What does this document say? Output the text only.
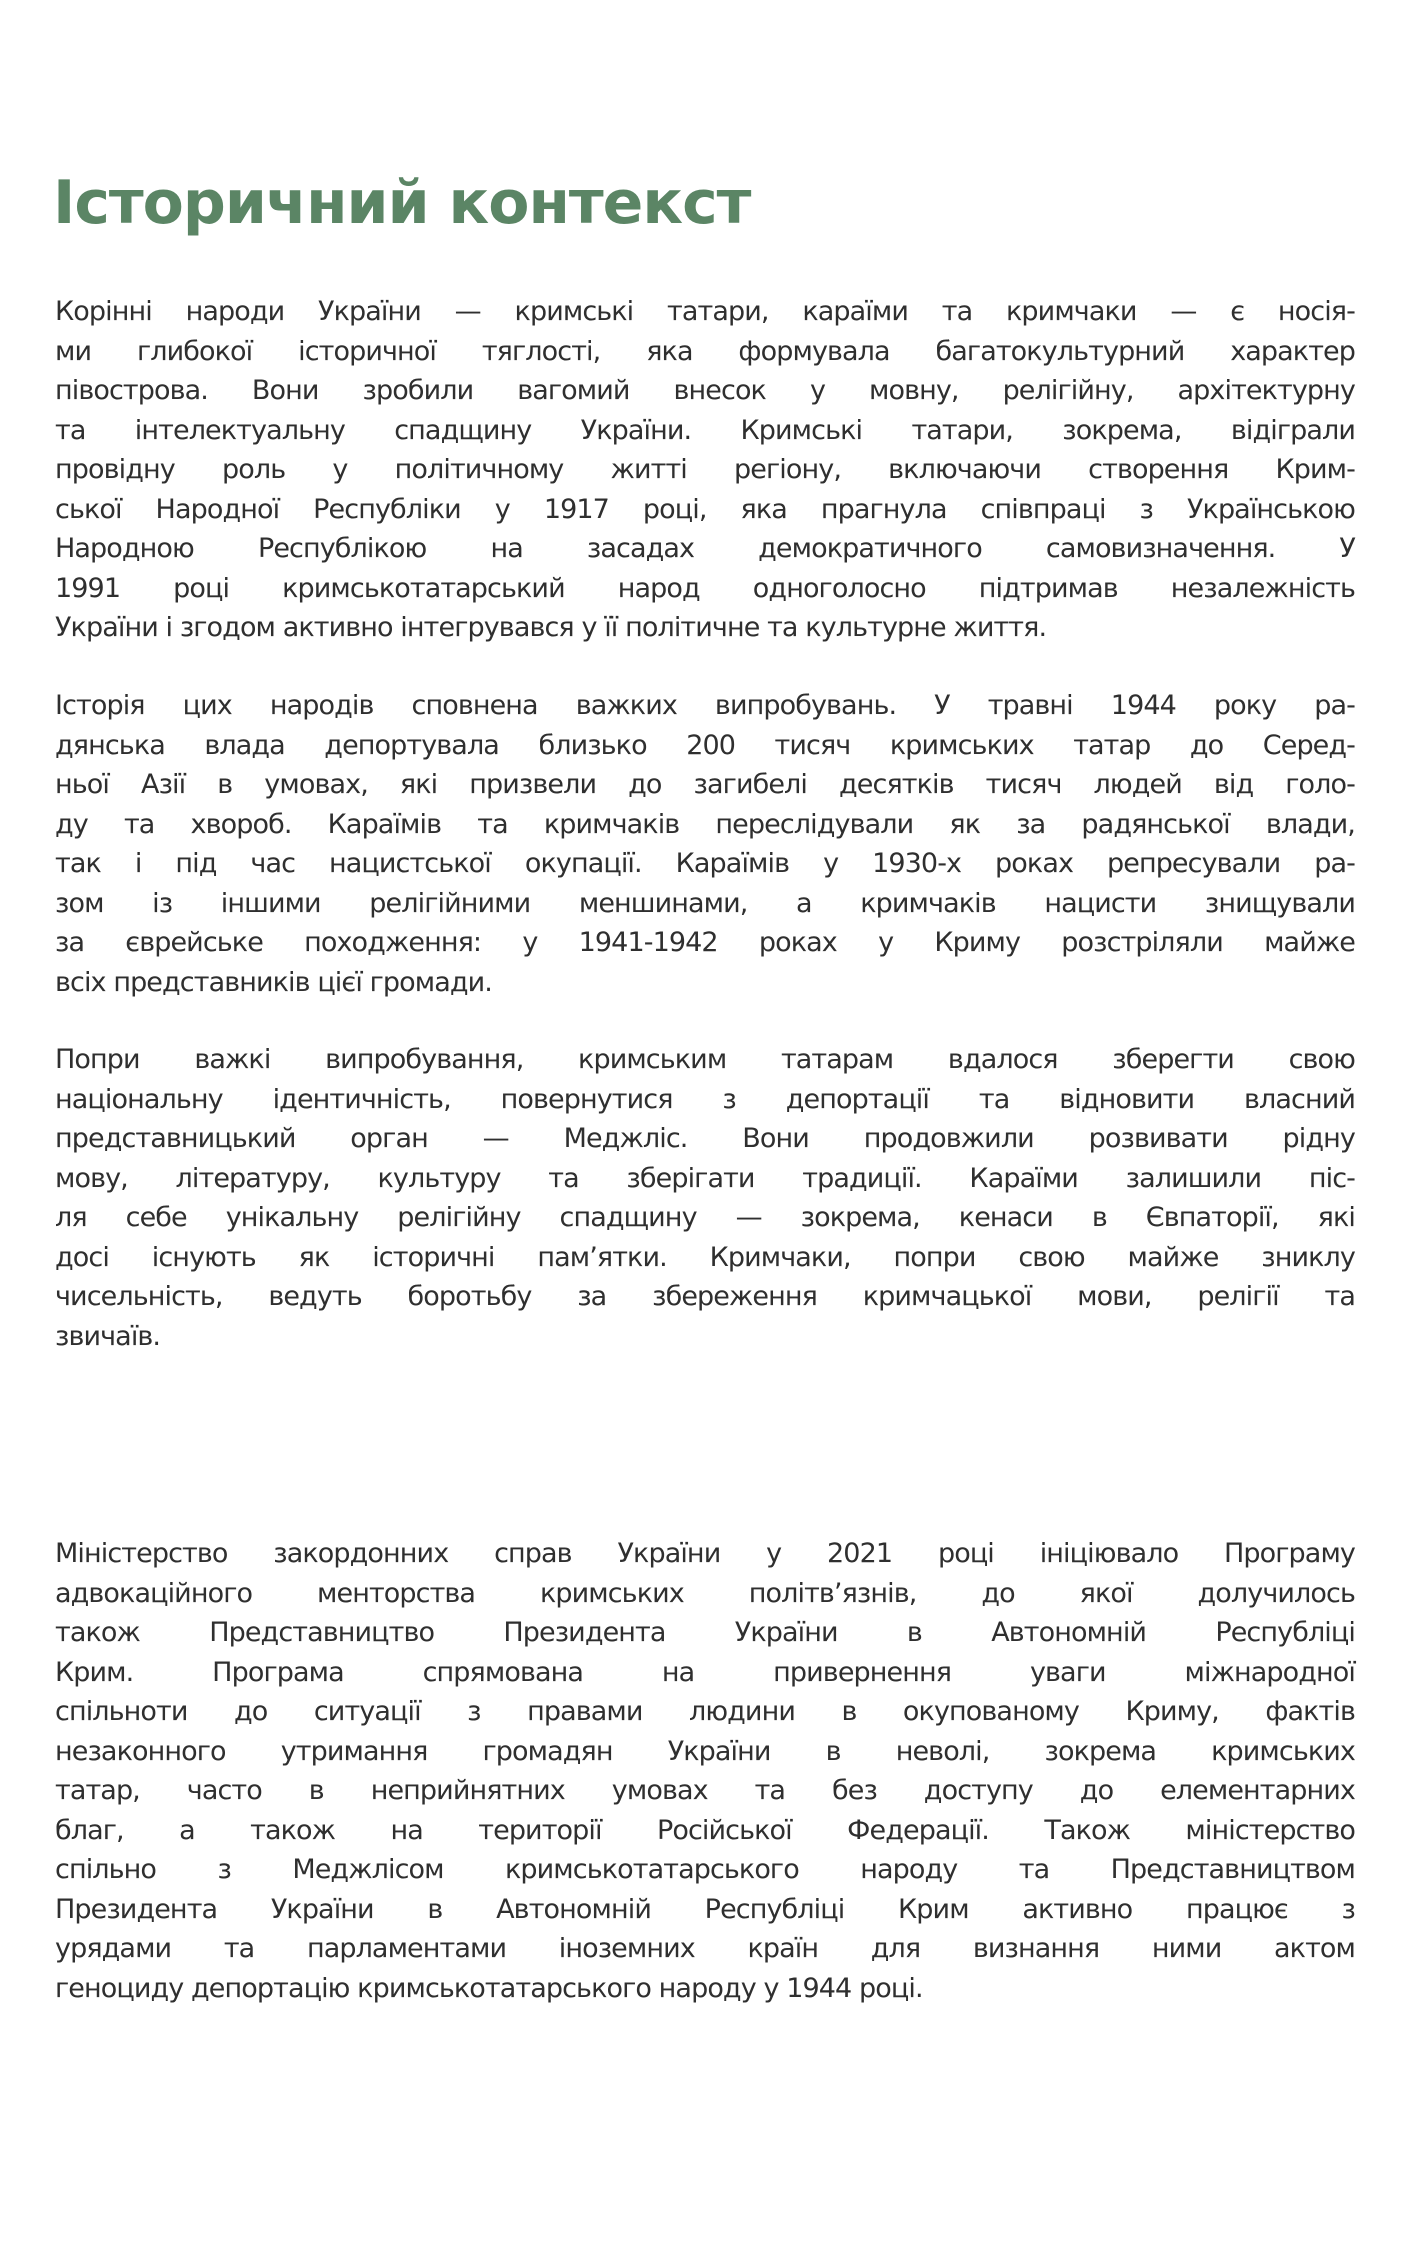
Історичний контекст
Корінні народи України — кримські татари, караїми та кримчаки — є носія-
ми глибокої історичної тяглості, яка формувала багатокультурний характер
півострова. Вони зробили вагомий внесок у мовну, релігійну, архітектурну
та інтелектуальну спадщину України. Кримські татари, зокрема, відіграли
провідну роль у політичному житті регіону, включаючи створення Крим-
ської Народної Республіки у 1917 році, яка прагнула співпраці з Українською
Народною Республікою на засадах демократичного самовизначення. У
1991 році кримськотатарський народ одноголосно підтримав незалежність
України і згодом активно інтегрувався у її політичне та культурне життя.
Історія цих народів сповнена важких випробувань. У травні 1944 року ра-
дянська влада депортувала близько 200 тисяч кримських татар до Серед-
ньої Азії в умовах, які призвели до загибелі десятків тисяч людей від голо-
ду та хвороб. Караїмів та кримчаків переслідували як за радянської влади,
так і під час нацистської окупації. Караїмів у 1930-х роках репресували ра-
зом із іншими релігійними меншинами, а кримчаків нацисти знищували
за єврейське походження: у 1941-1942 роках у Криму розстріляли майже
всіх представників цієї громади.
Попри важкі випробування, кримським татарам вдалося зберегти свою
національну ідентичність, повернутися з депортації та відновити власний
представницький орган — Меджліс. Вони продовжили розвивати рідну
мову, літературу, культуру та зберігати традиції. Караїми залишили піс-
ля себе унікальну релігійну спадщину — зокрема, кенаси в Євпаторії, які
досі існують як історичні пам’ятки. Кримчаки, попри свою майже зниклу
чисельність, ведуть боротьбу за збереження кримчацької мови, релігії та
звичаїв.
Міністерство закордонних справ України у 2021 році ініціювало Програму
адвокаційного менторства кримських політв’язнів, до якої долучилось
також Представництво Президента України в Автономній Республіці
Крим. Програма спрямована на привернення уваги міжнародної
спільноти до ситуації з правами людини в окупованому Криму, фактів
незаконного утримання громадян України в неволі, зокрема кримських
татар, часто в неприйнятних умовах та без доступу до елементарних
благ, а також на території Російської Федерації. Також міністерство
спільно з Меджлісом кримськотатарського народу та Представництвом
Президента України в Автономній Республіці Крим активно працює з
урядами та парламентами іноземних країн для визнання ними актом
геноциду депортацію кримськотатарського народу у 1944 році.
